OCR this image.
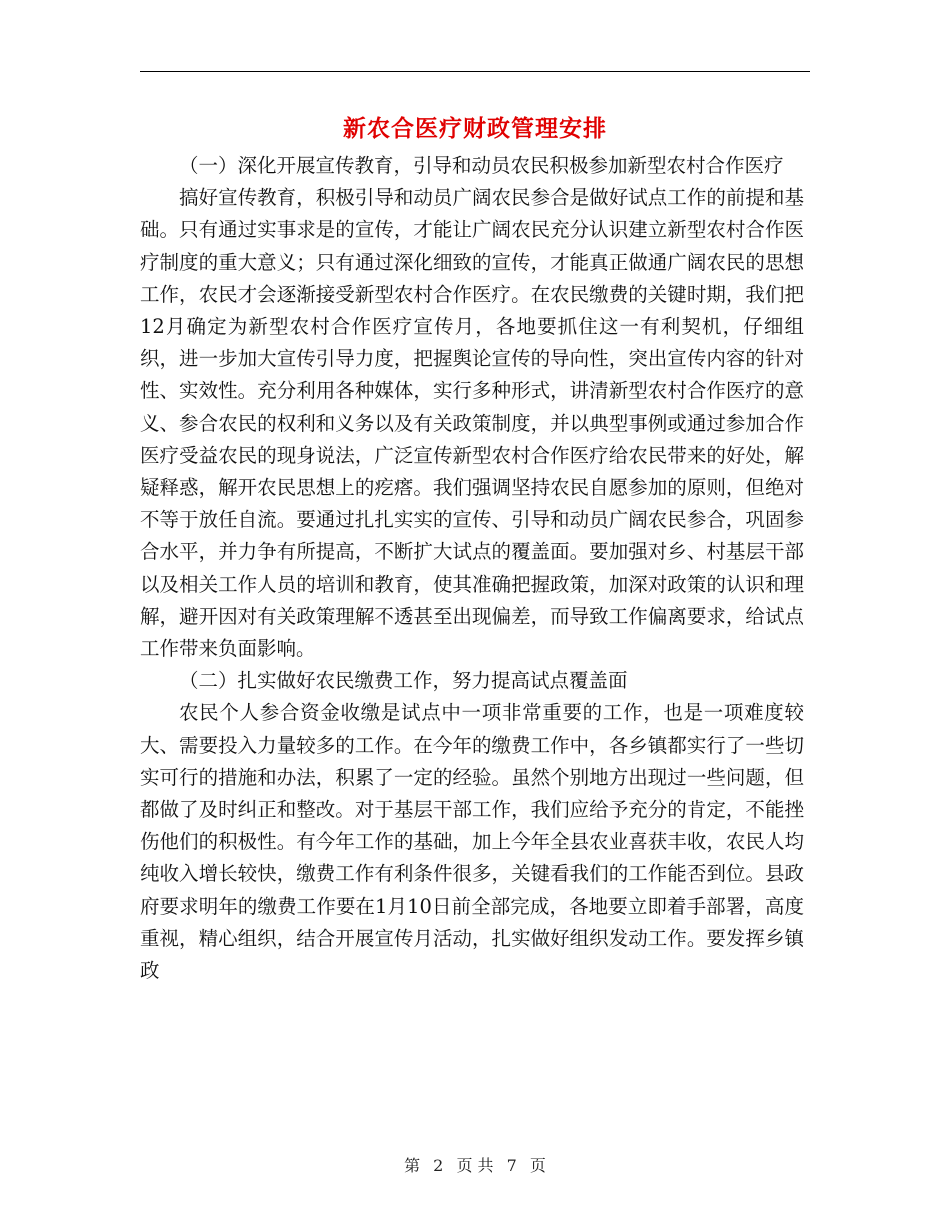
新农合医疗财政管理安排

（一）深化开展宣传教育，引导和动员农民积极参加新型农村合作医疗

搞好宣传教育，积极引导和动员广阔农民参合是做好试点工作的前提和基础。只有通过实事求是的宣传，才能让广阔农民充分认识建立新型农村合作医疗制度的重大意义；只有通过深化细致的宣传，才能真正做通广阔农民的思想工作，农民才会逐渐接受新型农村合作医疗。在农民缴费的关键时期，我们把12月确定为新型农村合作医疗宣传月，各地要抓住这一有利契机，仔细组织，进一步加大宣传引导力度，把握舆论宣传的导向性，突出宣传内容的针对性、实效性。充分利用各种媒体，实行多种形式，讲清新型农村合作医疗的意义、参合农民的权利和义务以及有关政策制度，并以典型事例或通过参加合作医疗受益农民的现身说法，广泛宣传新型农村合作医疗给农民带来的好处，解疑释惑，解开农民思想上的疙瘩。我们强调坚持农民自愿参加的原则，但绝对不等于放任自流。要通过扎扎实实的宣传、引导和动员广阔农民参合，巩固参合水平，并力争有所提高，不断扩大试点的覆盖面。要加强对乡、村基层干部以及相关工作人员的培训和教育，使其准确把握政策，加深对政策的认识和理解，避开因对有关政策理解不透甚至出现偏差，而导致工作偏离要求，给试点工作带来负面影响。

（二）扎实做好农民缴费工作，努力提高试点覆盖面

农民个人参合资金收缴是试点中一项非常重要的工作，也是一项难度较大、需要投入力量较多的工作。在今年的缴费工作中，各乡镇都实行了一些切实可行的措施和办法，积累了一定的经验。虽然个别地方出现过一些问题，但都做了及时纠正和整改。对于基层干部工作，我们应给予充分的肯定，不能挫伤他们的积极性。有今年工作的基础，加上今年全县农业喜获丰收，农民人均纯收入增长较快，缴费工作有利条件很多，关键看我们的工作能否到位。县政府要求明年的缴费工作要在1月10日前全部完成，各地要立即着手部署，高度重视，精心组织，结合开展宣传月活动，扎实做好组织发动工作。要发挥乡镇政

第 2 页 共 7 页
